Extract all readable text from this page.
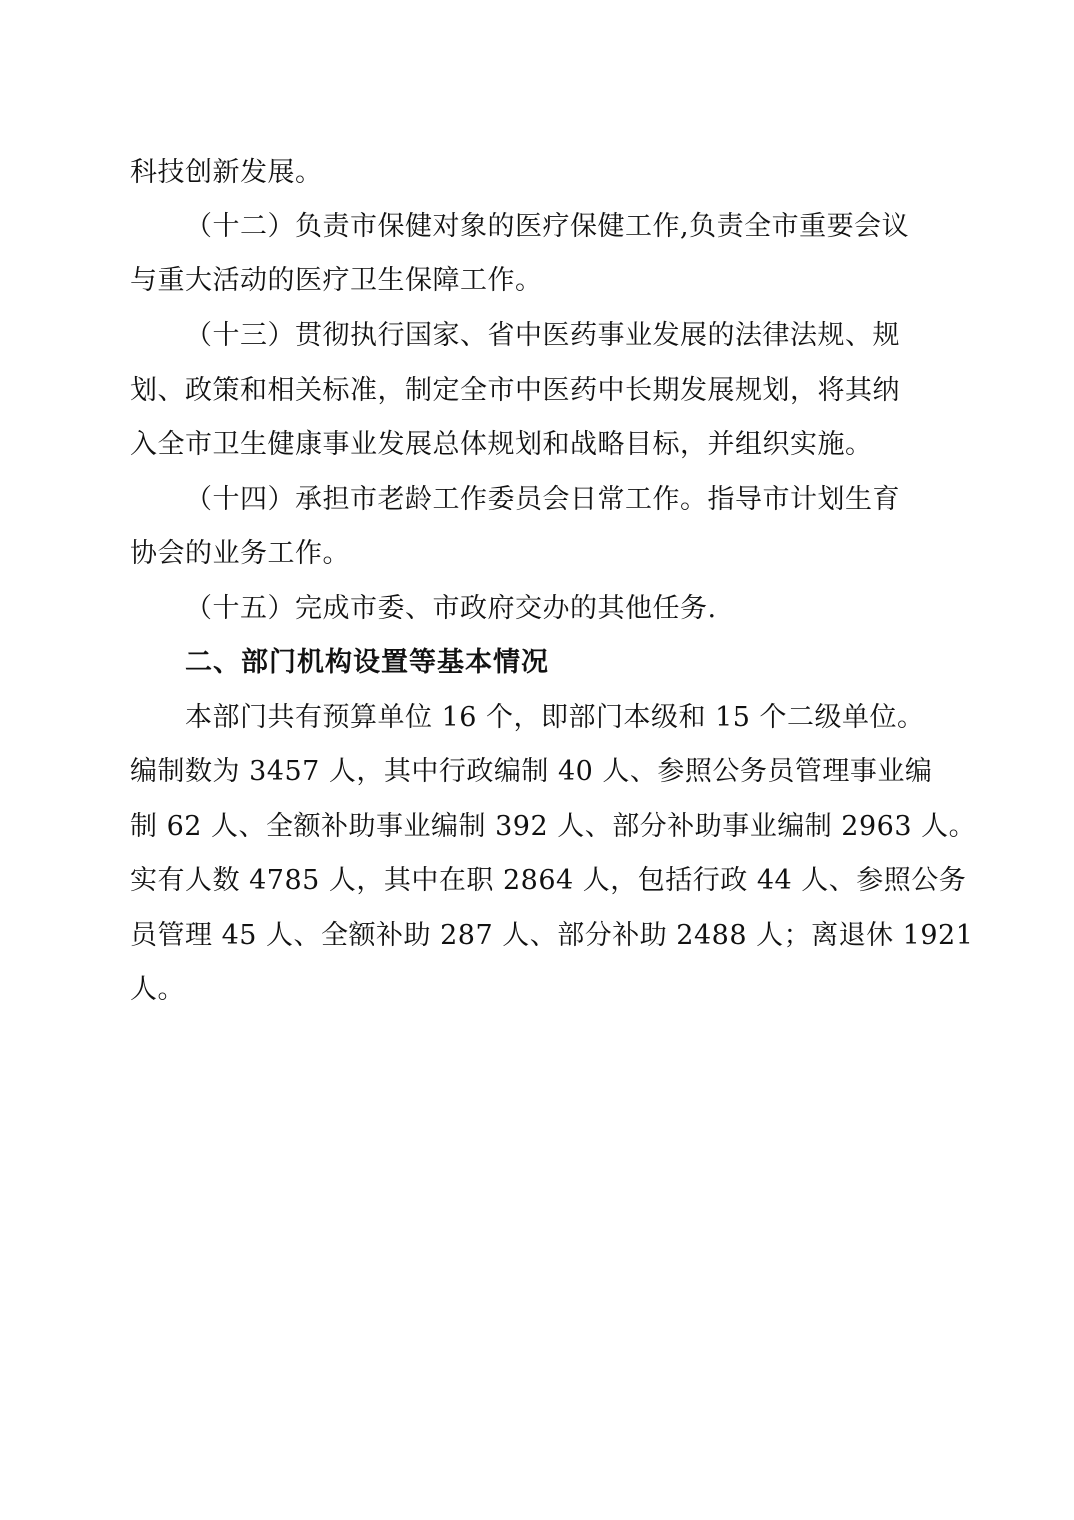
科技创新发展。
（十二）负责市保健对象的医疗保健工作,负责全市重要会议
与重大活动的医疗卫生保障工作。
（十三）贯彻执行国家、省中医药事业发展的法律法规、规
划、政策和相关标准，制定全市中医药中长期发展规划，将其纳
入全市卫生健康事业发展总体规划和战略目标，并组织实施。
（十四）承担市老龄工作委员会日常工作。指导市计划生育
协会的业务工作。
（十五）完成市委、市政府交办的其他任务.
二、部门机构设置等基本情况
本部门共有预算单位 16 个，即部门本级和 15 个二级单位。
编制数为 3457 人，其中行政编制 40 人、参照公务员管理事业编
制 62 人、全额补助事业编制 392 人、部分补助事业编制 2963 人。
实有人数 4785 人，其中在职 2864 人，包括行政 44 人、参照公务
员管理 45 人、全额补助 287 人、部分补助 2488 人；离退休 1921
人。
